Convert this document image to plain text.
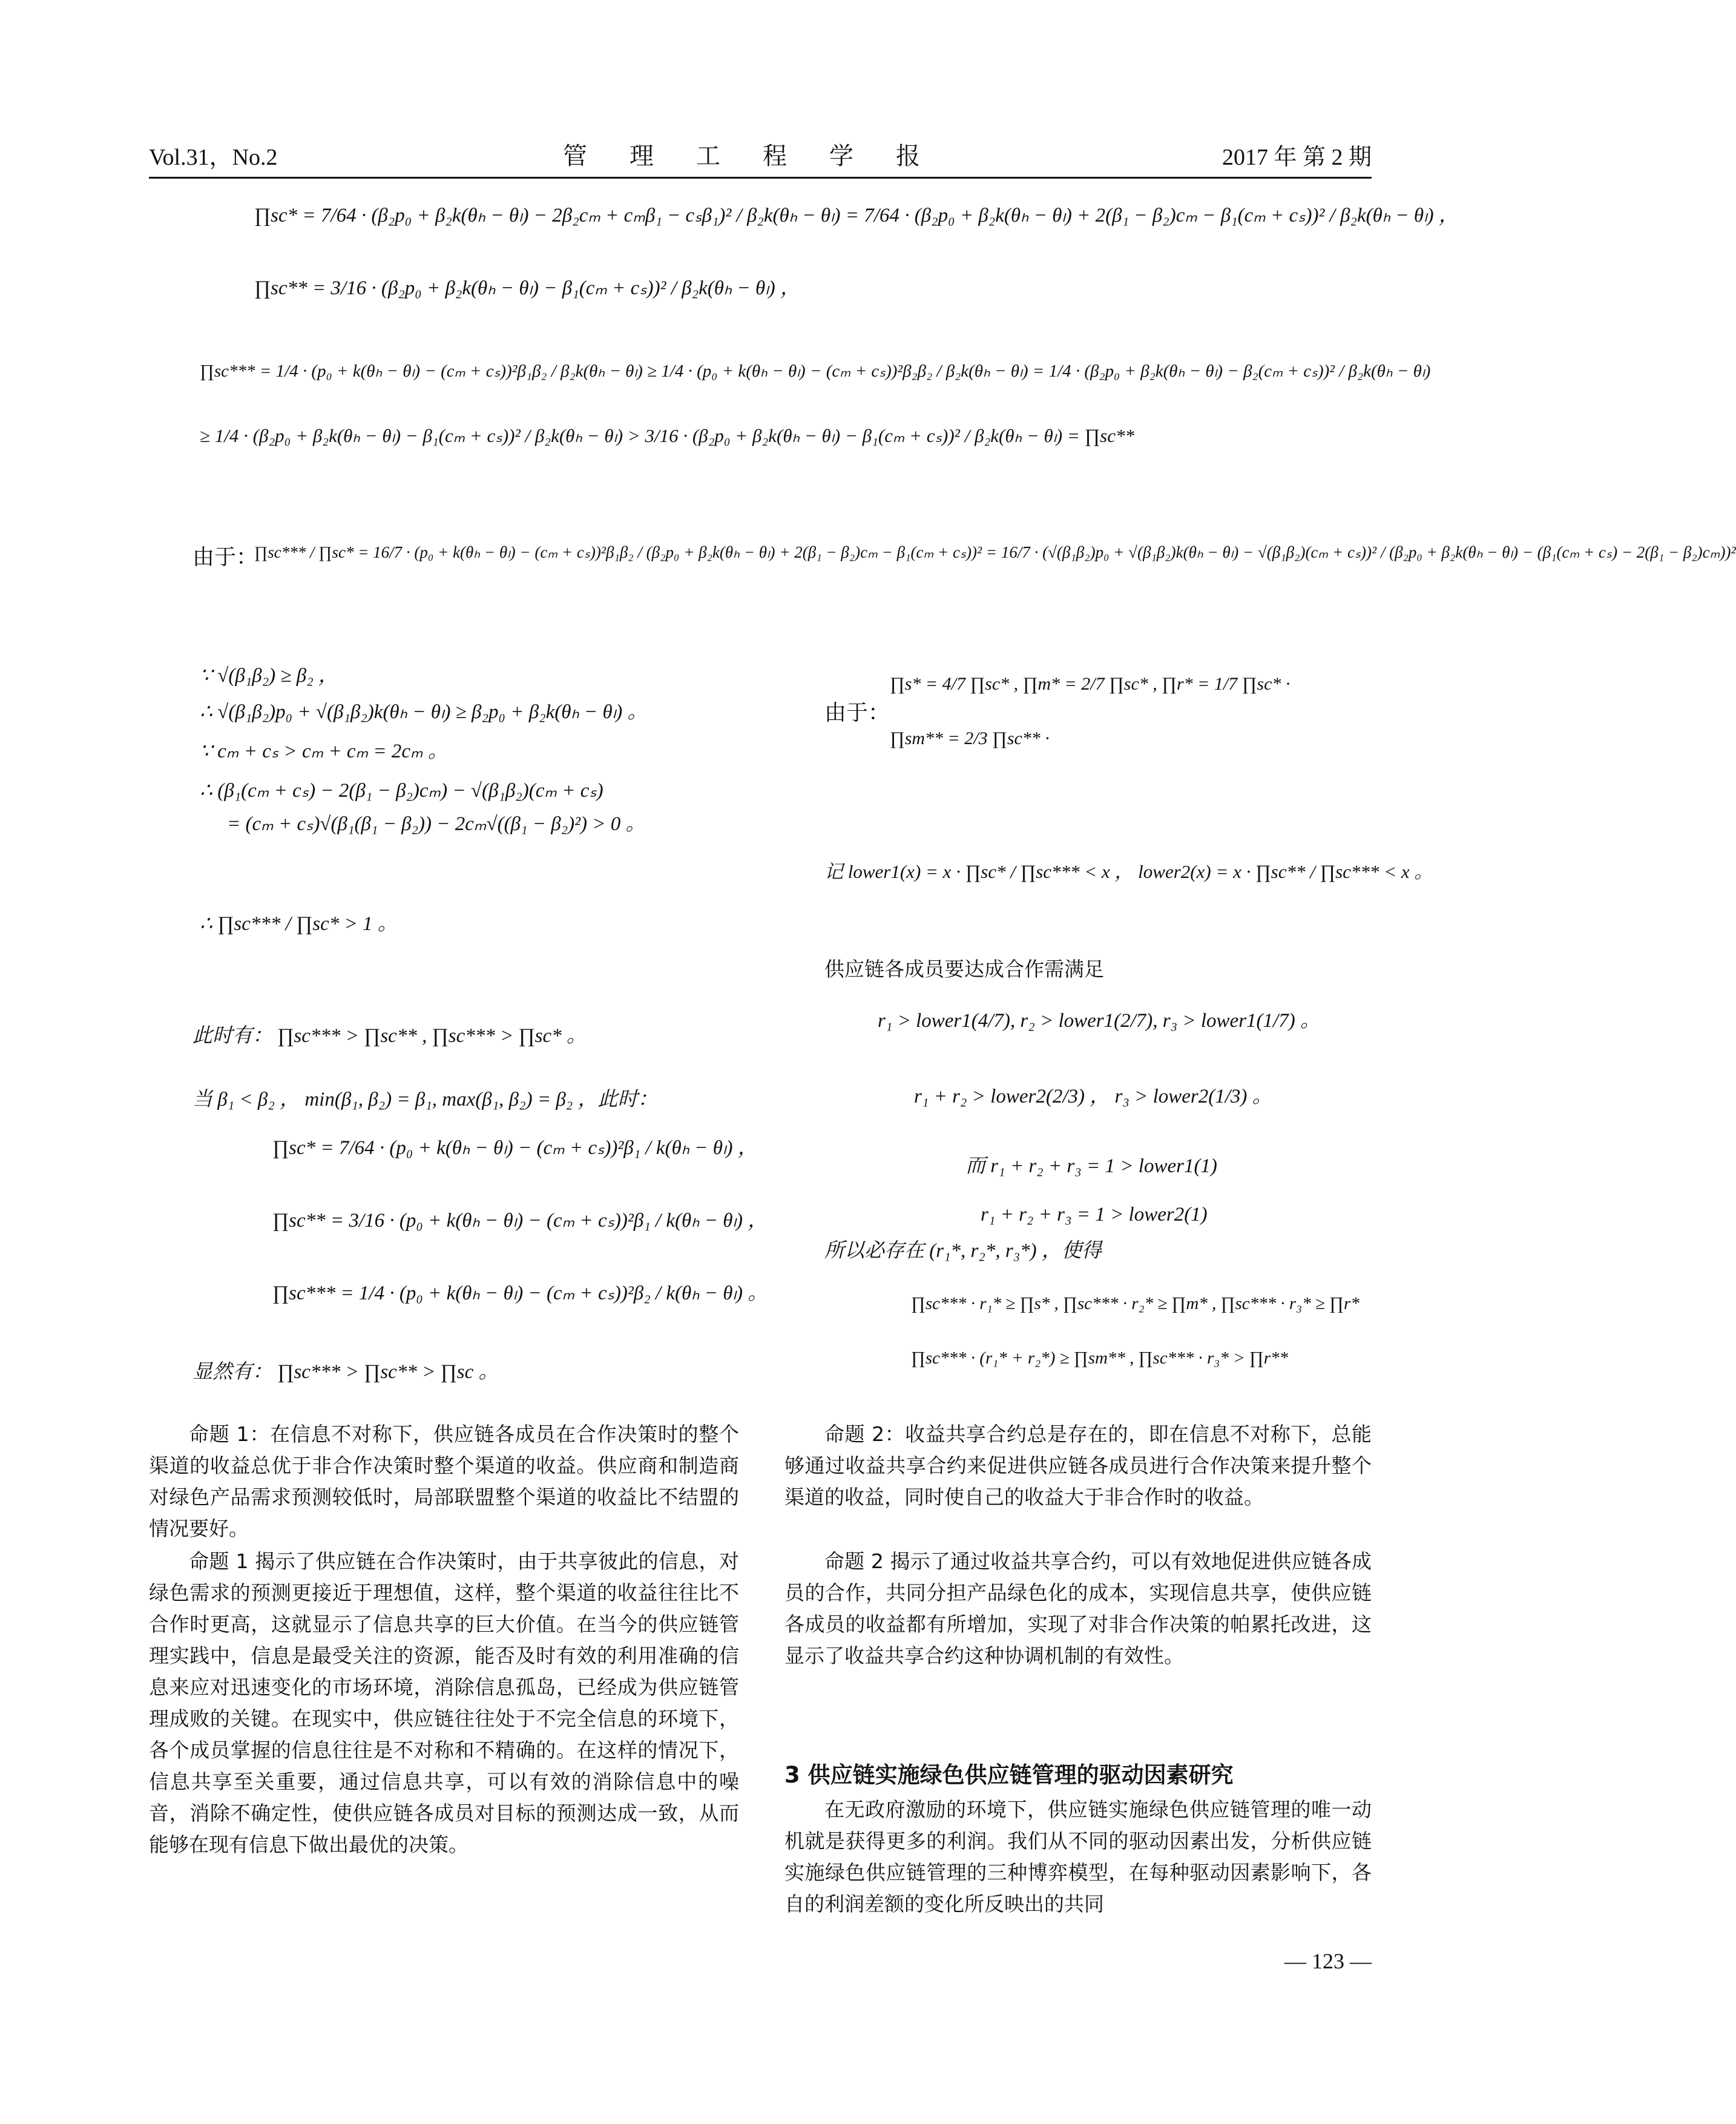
Vol.31，No.2	管 理 工 程 学 报	2017 年 第 2 期
∏sc* = 7/64 · (β₂p₀ + β₂k(θₕ − θₗ) − 2β₂cₘ + cₘβ₁ − cₛβ₁)² / β₂k(θₕ − θₗ) = 7/64 · (β₂p₀ + β₂k(θₕ − θₗ) + 2(β₁ − β₂)cₘ − β₁(cₘ + cₛ))² / β₂k(θₕ − θₗ) ，
∏sc** = 3/16 · (β₂p₀ + β₂k(θₕ − θₗ) − β₁(cₘ + cₛ))² / β₂k(θₕ − θₗ) ，
∏sc*** = 1/4 · (p₀ + k(θₕ − θₗ) − (cₘ + cₛ))²β₁β₂ / β₂k(θₕ − θₗ) ≥ 1/4 · (p₀ + k(θₕ − θₗ) − (cₘ + cₛ))²β₂β₂ / β₂k(θₕ − θₗ) = 1/4 · (β₂p₀ + β₂k(θₕ − θₗ) − β₂(cₘ + cₛ))² / β₂k(θₕ − θₗ)
≥ 1/4 · (β₂p₀ + β₂k(θₕ − θₗ) − β₁(cₘ + cₛ))² / β₂k(θₕ − θₗ) > 3/16 · (β₂p₀ + β₂k(θₕ − θₗ) − β₁(cₘ + cₛ))² / β₂k(θₕ − θₗ) = ∏sc**
由于：
∏sc*** / ∏sc* = 16/7 · (p₀ + k(θₕ − θₗ) − (cₘ + cₛ))²β₁β₂ / (β₂p₀ + β₂k(θₕ − θₗ) + 2(β₁ − β₂)cₘ − β₁(cₘ + cₛ))² = 16/7 · (√(β₁β₂)p₀ + √(β₁β₂)k(θₕ − θₗ) − √(β₁β₂)(cₘ + cₛ))² / (β₂p₀ + β₂k(θₕ − θₗ) − (β₁(cₘ + cₛ) − 2(β₁ − β₂)cₘ))²
∵ √(β₁β₂) ≥ β₂ ，
∴ √(β₁β₂)p₀ + √(β₁β₂)k(θₕ − θₗ) ≥ β₂p₀ + β₂k(θₕ − θₗ) 。
∵ cₘ + cₛ > cₘ + cₘ = 2cₘ 。
∴ (β₁(cₘ + cₛ) − 2(β₁ − β₂)cₘ) − √(β₁β₂)(cₘ + cₛ)
= (cₘ + cₛ)√(β₁(β₁ − β₂)) − 2cₘ√((β₁ − β₂)²) > 0 。
∴ ∏sc*** / ∏sc* > 1 。
此时有： ∏sc*** > ∏sc** , ∏sc*** > ∏sc* 。
当 β₁ < β₂ ， min(β₁, β₂) = β₁, max(β₁, β₂) = β₂ ，此时：
∏sc* = 7/64 · (p₀ + k(θₕ − θₗ) − (cₘ + cₛ))²β₁ / k(θₕ − θₗ) ，
∏sc** = 3/16 · (p₀ + k(θₕ − θₗ) − (cₘ + cₛ))²β₁ / k(θₕ − θₗ) ，
∏sc*** = 1/4 · (p₀ + k(θₕ − θₗ) − (cₘ + cₛ))²β₂ / k(θₕ − θₗ) 。
显然有： ∏sc*** > ∏sc** > ∏sc 。
由于：
∏s* = 4/7 ∏sc* , ∏m* = 2/7 ∏sc* , ∏r* = 1/7 ∏sc* ·
∏sm** = 2/3 ∏sc** ·
记 lower1(x) = x · ∏sc* / ∏sc*** < x ， lower2(x) = x · ∏sc** / ∏sc*** < x 。
供应链各成员要达成合作需满足
r₁ > lower1(4/7), r₂ > lower1(2/7), r₃ > lower1(1/7) 。
r₁ + r₂ > lower2(2/3) ， r₃ > lower2(1/3) 。
而 r₁ + r₂ + r₃ = 1 > lower1(1)
r₁ + r₂ + r₃ = 1 > lower2(1)
所以必存在 (r₁*, r₂*, r₃*) ，使得
∏sc*** · r₁* ≥ ∏s* , ∏sc*** · r₂* ≥ ∏m* , ∏sc*** · r₃* ≥ ∏r*
∏sc*** · (r₁* + r₂*) ≥ ∏sm** , ∏sc*** · r₃* > ∏r**
命题 1：在信息不对称下，供应链各成员在合作决策时的整个渠道的收益总优于非合作决策时整个渠道的收益。供应商和制造商对绿色产品需求预测较低时，局部联盟整个渠道的收益比不结盟的情况要好。
命题 1 揭示了供应链在合作决策时，由于共享彼此的信息，对绿色需求的预测更接近于理想值，这样，整个渠道的收益往往比不合作时更高，这就显示了信息共享的巨大价值。在当今的供应链管理实践中，信息是最受关注的资源，能否及时有效的利用准确的信息来应对迅速变化的市场环境，消除信息孤岛，已经成为供应链管理成败的关键。在现实中，供应链往往处于不完全信息的环境下，各个成员掌握的信息往往是不对称和不精确的。在这样的情况下，信息共享至关重要，通过信息共享，可以有效的消除信息中的噪音，消除不确定性，使供应链各成员对目标的预测达成一致，从而能够在现有信息下做出最优的决策。
命题 2：收益共享合约总是存在的，即在信息不对称下，总能够通过收益共享合约来促进供应链各成员进行合作决策来提升整个渠道的收益，同时使自己的收益大于非合作时的收益。
命题 2 揭示了通过收益共享合约，可以有效地促进供应链各成员的合作，共同分担产品绿色化的成本，实现信息共享，使供应链各成员的收益都有所增加，实现了对非合作决策的帕累托改进，这显示了收益共享合约这种协调机制的有效性。
3 供应链实施绿色供应链管理的驱动因素研究
在无政府激励的环境下，供应链实施绿色供应链管理的唯一动机就是获得更多的利润。我们从不同的驱动因素出发，分析供应链实施绿色供应链管理的三种博弈模型，在每种驱动因素影响下，各自的利润差额的变化所反映出的共同
— 123 —
